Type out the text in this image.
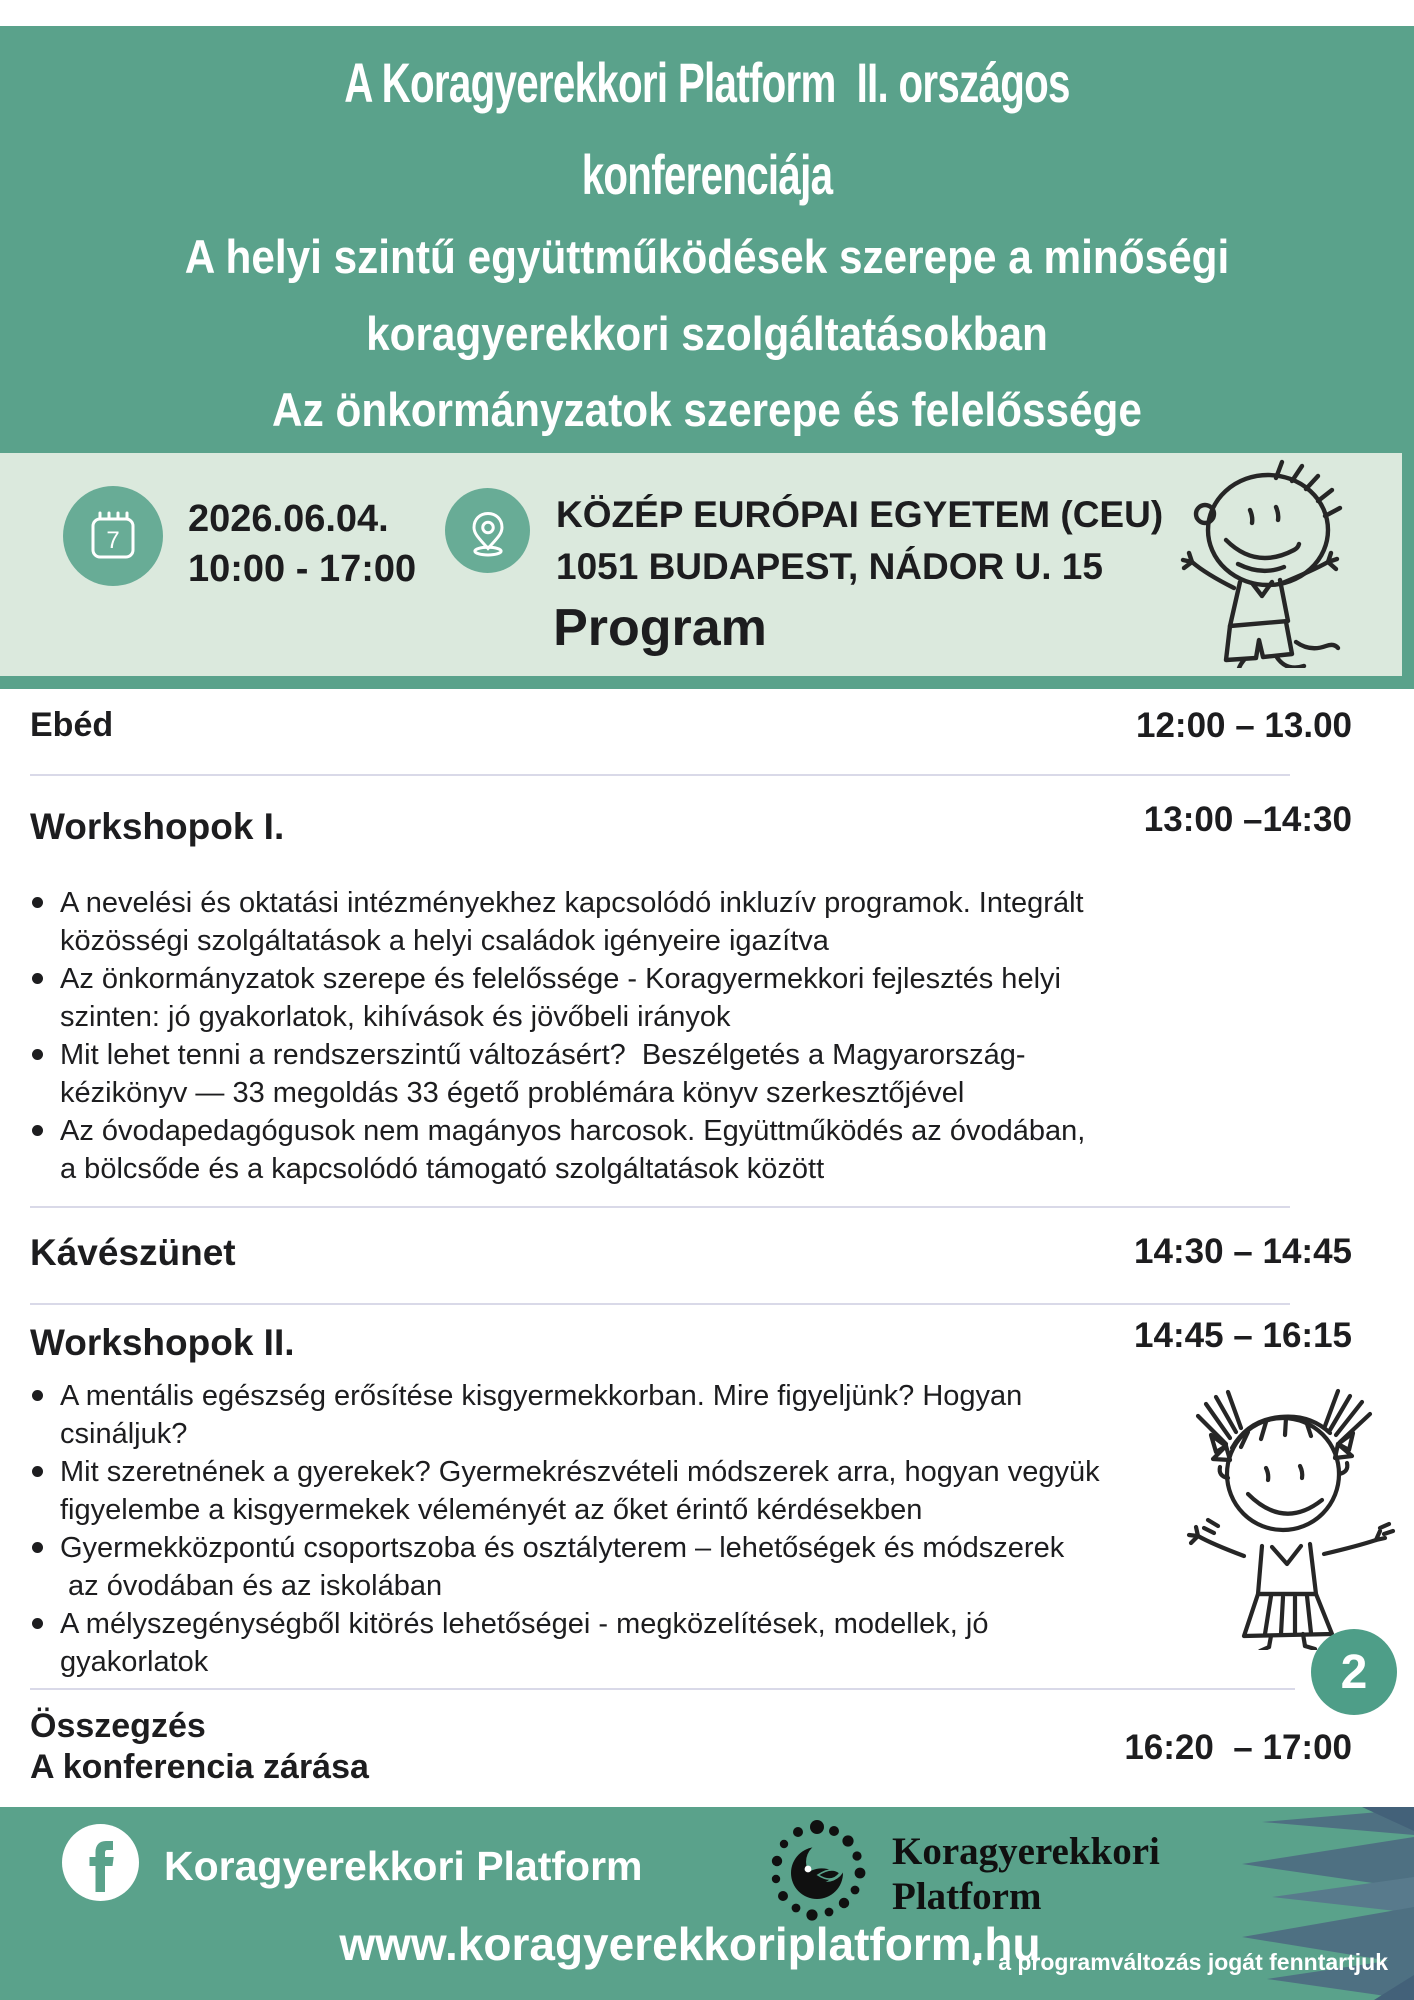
A Koragyerekkori Platform  II. országos
konferenciája
A helyi szintű együttműködések szerepe a minőségi
koragyerekkori szolgáltatásokban
Az önkormányzatok szerepe és felelőssége
7
2026.06.04.
10:00 - 17:00
KÖZÉP EURÓPAI EGYETEM (CEU)
1051 BUDAPEST, NÁDOR U. 15
Program
Ebéd	12:00 – 13.00
Workshopok I.	13:00 –14:30
A nevelési és oktatási intézményekhez kapcsolódó inkluzív programok. Integrált
közösségi szolgáltatások a helyi családok igényeire igazítva
Az önkormányzatok szerepe és felelőssége - Koragyermekkori fejlesztés helyi
szinten: jó gyakorlatok, kihívások és jövőbeli irányok
Mit lehet tenni a rendszerszintű változásért?  Beszélgetés a Magyarország-
kézikönyv — 33 megoldás 33 égető problémára könyv szerkesztőjével
Az óvodapedagógusok nem magányos harcosok. Együttműködés az óvodában,
a bölcsőde és a kapcsolódó támogató szolgáltatások között
Kávészünet	14:30 – 14:45
Workshopok II.	14:45 – 16:15
A mentális egészség erősítése kisgyermekkorban. Mire figyeljünk? Hogyan
csináljuk?
Mit szeretnének a gyerekek? Gyermekrészvételi módszerek arra, hogyan vegyük
figyelembe a kisgyermekek véleményét az őket érintő kérdésekben
Gyermekközpontú csoportszoba és osztályterem – lehetőségek és módszerek
az óvodában és az iskolában
A mélyszegénységből kitörés lehetőségei - megközelítések, modellek, jó
gyakorlatok	2
Összegzés
A konferencia zárása	16:20  – 17:00
Koragyerekkori Platform	Koragyerekkori
Platform
www.koragyerekkoriplatform.hu
• a programváltozás jogát fenntartjuk
